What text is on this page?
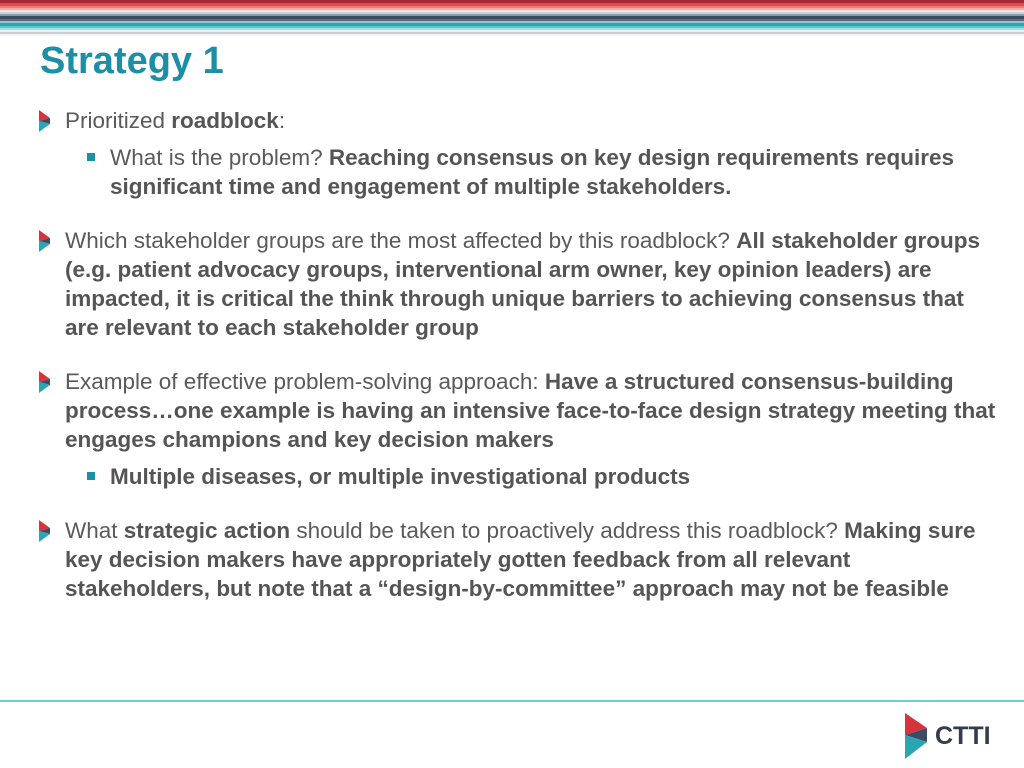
Strategy 1
Prioritized roadblock:
What is the problem? Reaching consensus on key design requirements requires significant time and engagement of multiple stakeholders.
Which stakeholder groups are the most affected by this roadblock? All stakeholder groups (e.g. patient advocacy groups, interventional arm owner, key opinion leaders) are impacted, it is critical the think through unique barriers to achieving consensus that are relevant to each stakeholder group
Example of effective problem-solving approach: Have a structured consensus-building process…one example is having an intensive face-to-face design strategy meeting that engages champions and key decision makers
Multiple diseases, or multiple investigational products
What strategic action should be taken to proactively address this roadblock? Making sure key decision makers have appropriately gotten feedback from all relevant stakeholders, but note that a “design-by-committee” approach may not be feasible
CTTI
